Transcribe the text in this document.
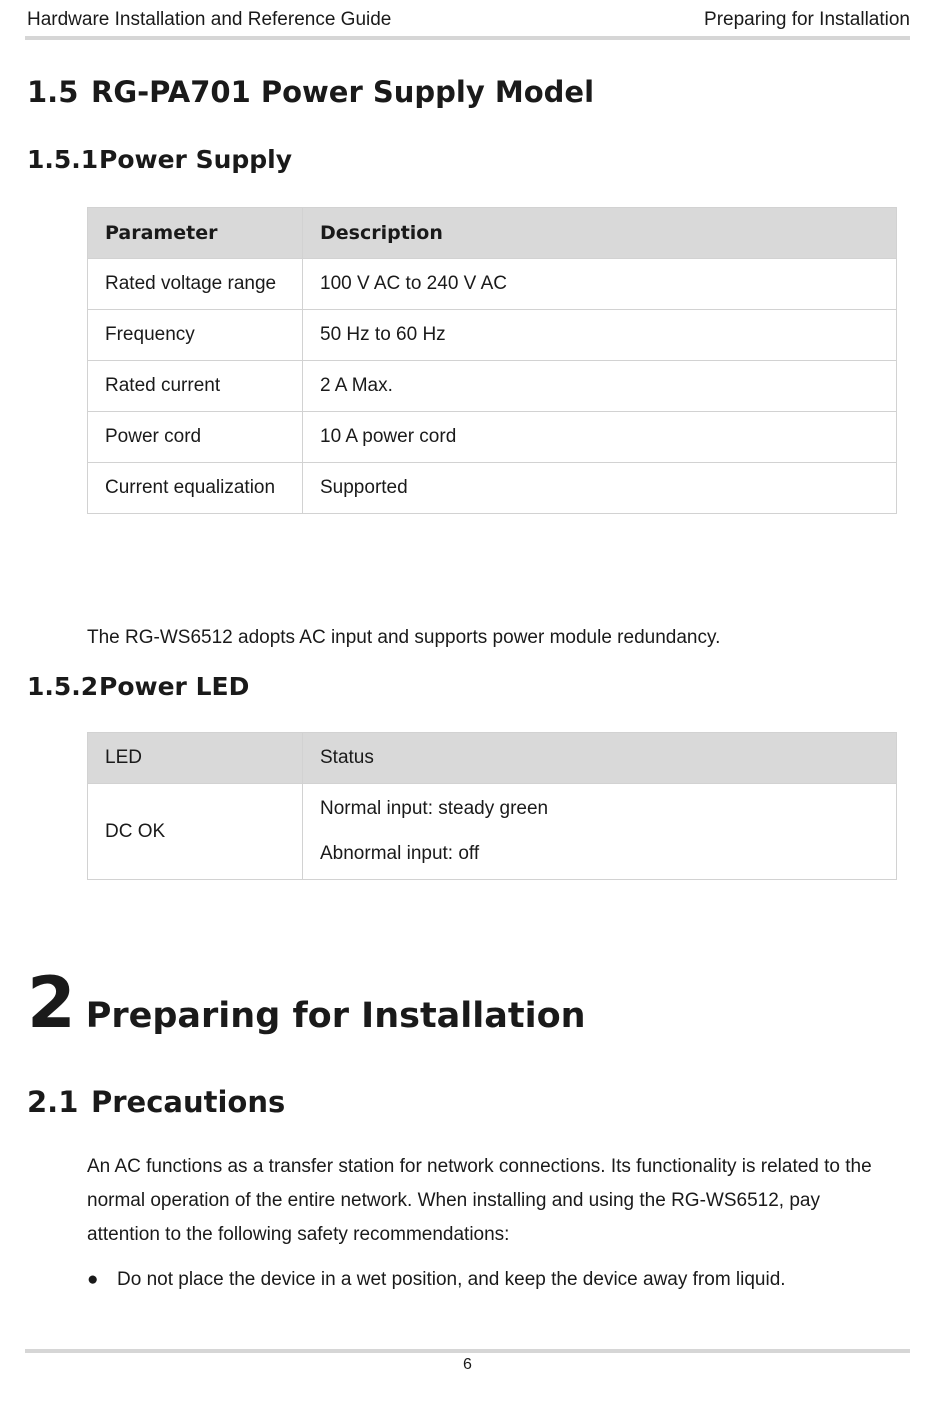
Hardware Installation and Reference Guide	Preparing for Installation
1.5 RG-PA701 Power Supply Model
1.5.1Power Supply
Parameter	Description
Rated voltage range	100 V AC to 240 V AC
Frequency	50 Hz to 60 Hz
Rated current	2 A Max.
Power cord	10 A power cord
Current equalization	Supported

The RG-WS6512 adopts AC input and supports power module redundancy.

1.5.2Power LED
LED	Status
DC OK	Normal input: steady green

Abnormal input: off

2 Preparing for Installation
2.1 Precautions

An AC functions as a transfer station for network connections. Its functionality is related to the normal operation of the entire network. When installing and using the RG-WS6512, pay attention to the following safety recommendations:

● Do not place the device in a wet position, and keep the device away from liquid.
6
